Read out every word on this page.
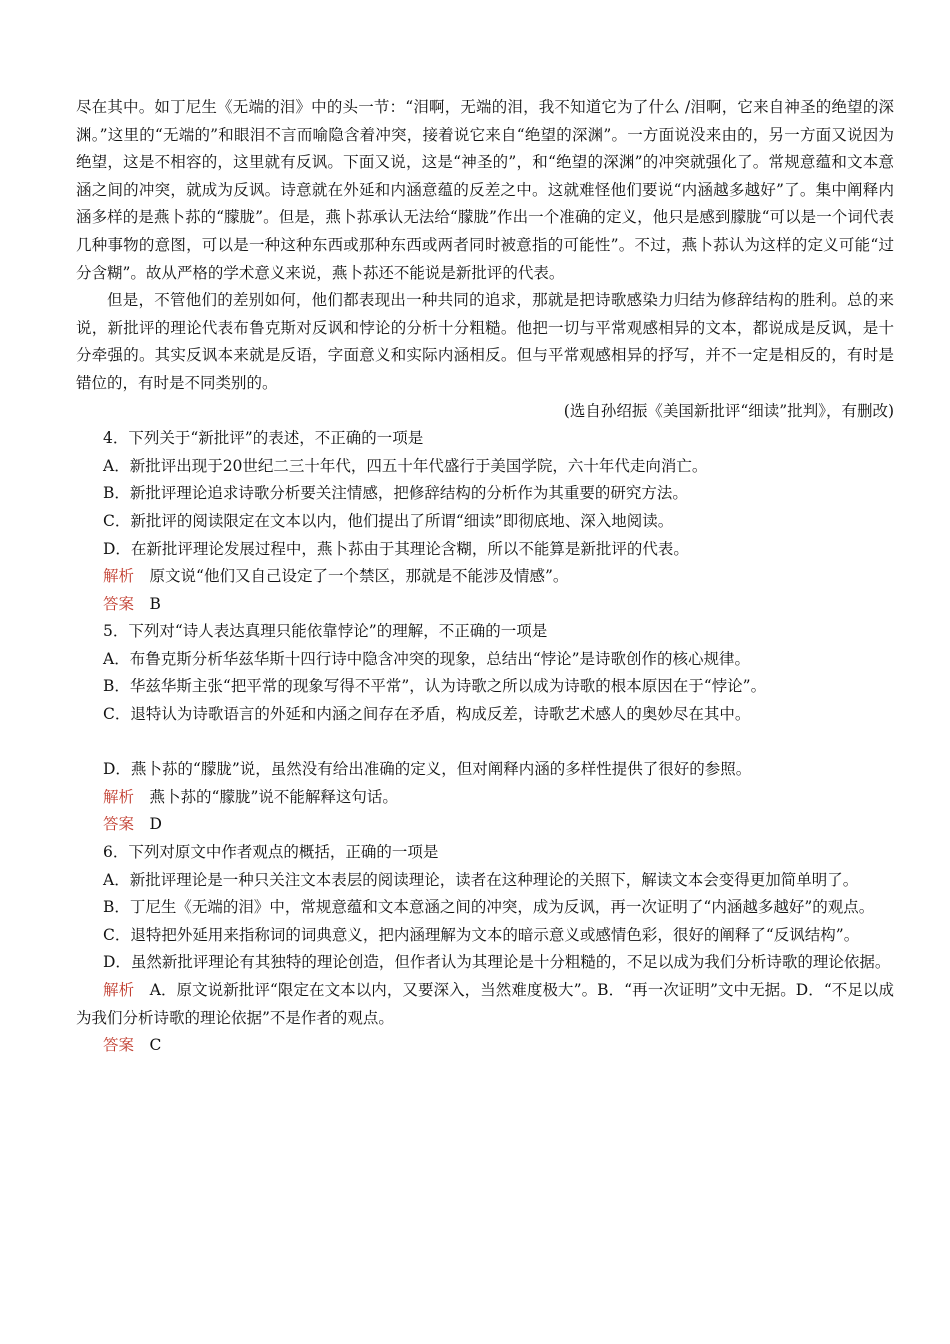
尽在其中。如丁尼生《无端的泪》中的头一节：“泪啊，无端的泪，我不知道它为了什么 /泪啊，它来自神圣的绝望的深渊。”这里的“无端的”和眼泪不言而喻隐含着冲突，接着说它来自“绝望的深渊”。一方面说没来由的，另一方面又说因为绝望，这是不相容的，这里就有反讽。下面又说，这是“神圣的”，和“绝望的深渊”的冲突就强化了。常规意蕴和文本意涵之间的冲突，就成为反讽。诗意就在外延和内涵意蕴的反差之中。这就难怪他们要说“内涵越多越好”了。集中阐释内涵多样的是燕卜荪的“朦胧”。但是，燕卜荪承认无法给“朦胧”作出一个准确的定义，他只是感到朦胧“可以是一个词代表几种事物的意图，可以是一种这种东西或那种东西或两者同时被意指的可能性”。不过，燕卜荪认为这样的定义可能“过分含糊”。故从严格的学术意义来说，燕卜荪还不能说是新批评的代表。

但是，不管他们的差别如何，他们都表现出一种共同的追求，那就是把诗歌感染力归结为修辞结构的胜利。总的来说，新批评的理论代表布鲁克斯对反讽和悖论的分析十分粗糙。他把一切与平常观感相异的文本，都说成是反讽，是十分牵强的。其实反讽本来就是反语，字面意义和实际内涵相反。但与平常观感相异的抒写，并不一定是相反的，有时是错位的，有时是不同类别的。

(选自孙绍振《美国新批评“细读”批判》，有删改)

4．下列关于“新批评”的表述，不正确的一项是

A．新批评出现于20世纪二三十年代，四五十年代盛行于美国学院，六十年代走向消亡。

B．新批评理论追求诗歌分析要关注情感，把修辞结构的分析作为其重要的研究方法。

C．新批评的阅读限定在文本以内，他们提出了所谓“细读”即彻底地、深入地阅读。

D．在新批评理论发展过程中，燕卜荪由于其理论含糊，所以不能算是新批评的代表。

解析　 原文说“他们又自己设定了一个禁区，那就是不能涉及情感”。

答案　 B

5．下列对“诗人表达真理只能依靠悖论”的理解，不正确的一项是

A．布鲁克斯分析华兹华斯十四行诗中隐含冲突的现象，总结出“悖论”是诗歌创作的核心规律。

B．华兹华斯主张“把平常的现象写得不平常”，认为诗歌之所以成为诗歌的根本原因在于“悖论”。

C．退特认为诗歌语言的外延和内涵之间存在矛盾，构成反差，诗歌艺术感人的奥妙尽在其中。

D．燕卜荪的“朦胧”说，虽然没有给出准确的定义，但对阐释内涵的多样性提供了很好的参照。

解析　 燕卜荪的“朦胧”说不能解释这句话。

答案　 D

6．下列对原文中作者观点的概括，正确的一项是

A．新批评理论是一种只关注文本表层的阅读理论，读者在这种理论的关照下，解读文本会变得更加简单明了。

B．丁尼生《无端的泪》中，常规意蕴和文本意涵之间的冲突，成为反讽，再一次证明了“内涵越多越好”的观点。

C．退特把外延用来指称词的词典意义，把内涵理解为文本的暗示意义或感情色彩，很好的阐释了“反讽结构”。

D．虽然新批评理论有其独特的理论创造，但作者认为其理论是十分粗糙的，不足以成为我们分析诗歌的理论依据。

解析　 A．原文说新批评“限定在文本以内，又要深入，当然难度极大”。B．“再一次证明”文中无据。D．“不足以成为我们分析诗歌的理论依据”不是作者的观点。

答案　 C
